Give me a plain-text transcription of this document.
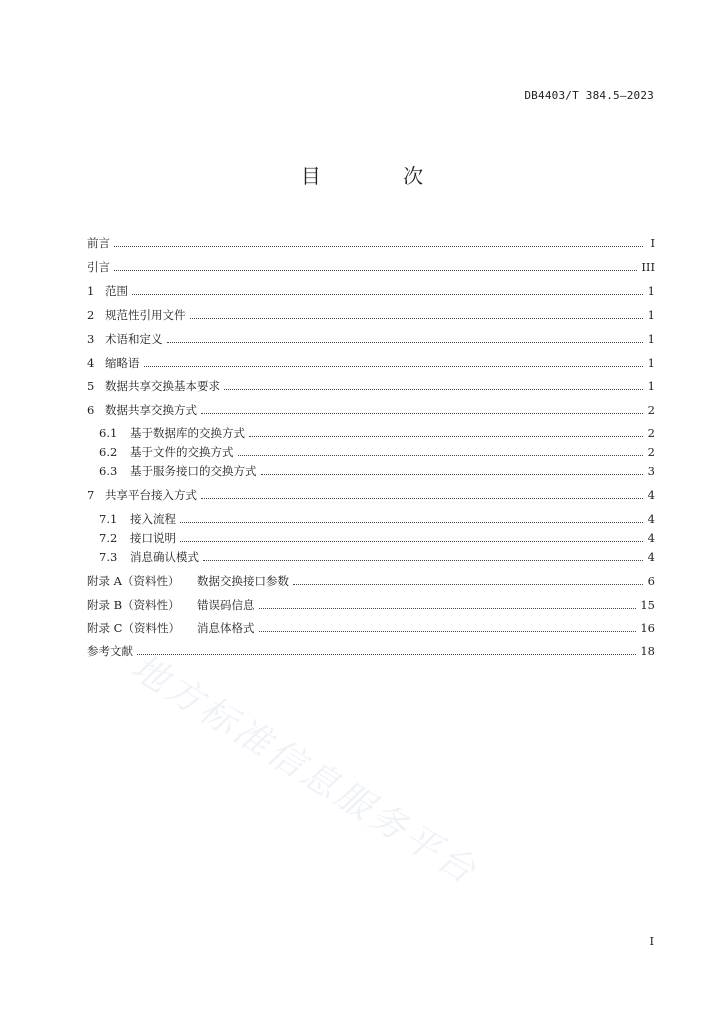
DB4403/T 384.5—2023
目 次
前言	I
引言	III
1 范围	1
2 规范性引用文件	1
3 术语和定义	1
4 缩略语	1
5 数据共享交换基本要求	1
6 数据共享交换方式	2
6.1	基于数据库的交换方式	2
6.2	基于文件的交换方式	2
6.3	基于服务接口的交换方式	3
7 共享平台接入方式	4
7.1	接入流程	4
7.2	接口说明	4
7.3	消息确认模式	4
附录 A（资料性）	数据交换接口参数	6
附录 B（资料性）	错误码信息	15
附录 C（资料性）	消息体格式	16
参考文献	18
地方标准信息服务平台
I
